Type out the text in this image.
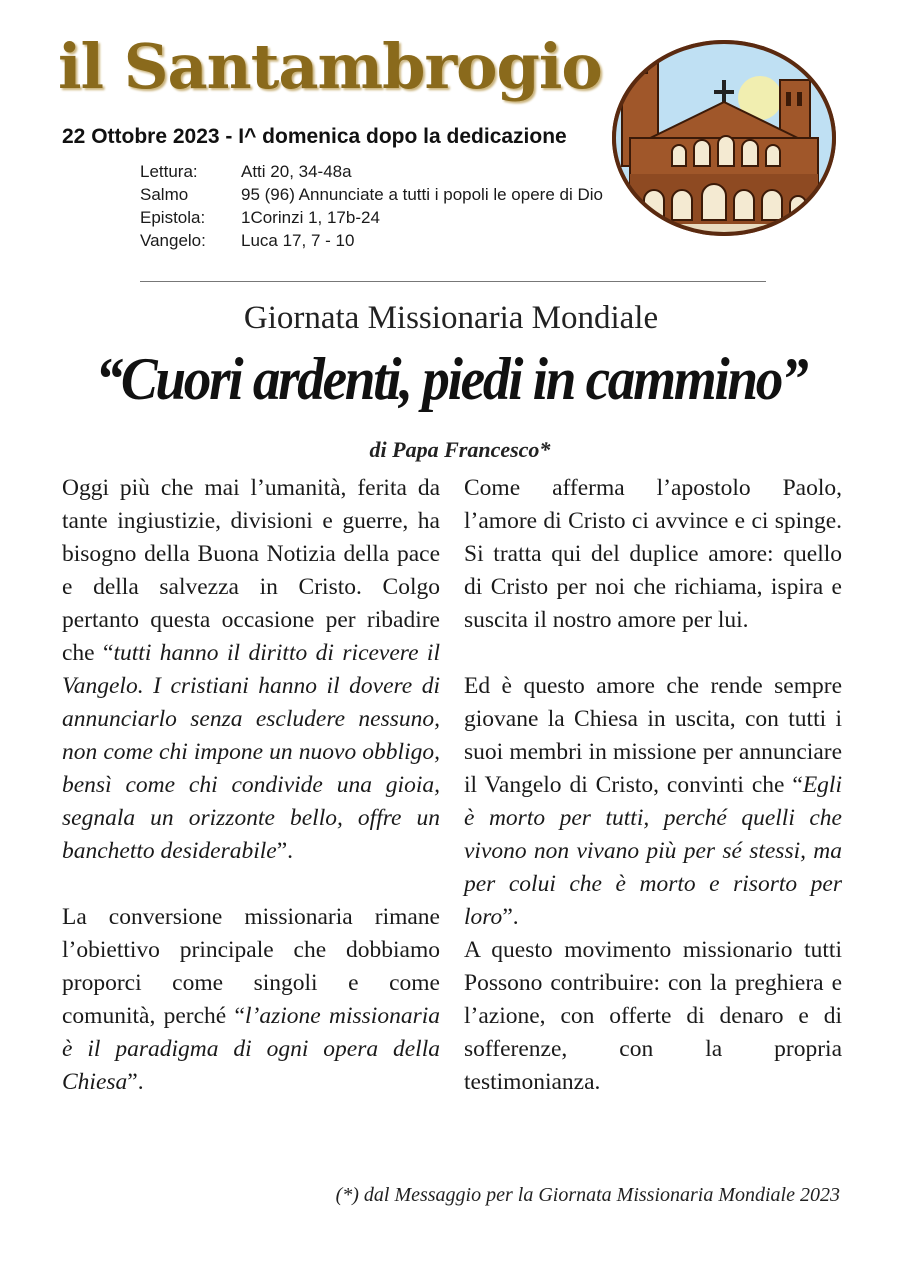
il Santambrogio
22 Ottobre 2023 - I^ domenica dopo la dedicazione
Lettura:	Atti 20, 34-48a
Salmo	95 (96) Annunciate a tutti i popoli le opere di Dio
Epistola:	1Corinzi 1, 17b-24
Vangelo:	Luca 17, 7 - 10
Giornata Missionaria Mondiale
“Cuori ardenti, piedi in cammino”
di Papa Francesco*

Oggi più che mai l’umanità, ferita da tante ingiustizie, divisioni e guerre, ha bisogno della Buona Notizia della pace e della salvezza in Cristo. Colgo pertanto questa occasione per ribadire che “tutti hanno il diritto di ricevere il Vangelo. I cristiani hanno il dovere di annunciarlo senza escludere nessuno, non come chi impone un nuovo obbligo, bensì come chi condivide una gioia, segnala un orizzonte bello, offre un banchetto desiderabile”.

La conversione missionaria rimane l’obiettivo principale che dobbiamo proporci come singoli e come comunità, perché “l’azione missionaria è il paradigma di ogni opera della Chiesa”.

Come afferma l’apostolo Paolo, l’amore di Cristo ci avvince e ci spinge. Si tratta qui del duplice amore: quello di Cristo per noi che richiama, ispira e suscita il nostro amore per lui.

Ed è questo amore che rende sempre giovane la Chiesa in uscita, con tutti i suoi membri in missione per annunciare il Vangelo di Cristo, convinti che “Egli è morto per tutti, perché quelli che vivono non vivano più per sé stessi, ma per colui che è morto e risorto per loro”.

A questo movimento missionario tutti Possono contribuire: con la preghiera e l’azione, con offerte di denaro e di sofferenze, con la propria testimonianza.

(*) dal Messaggio per la Giornata Missionaria Mondiale 2023
